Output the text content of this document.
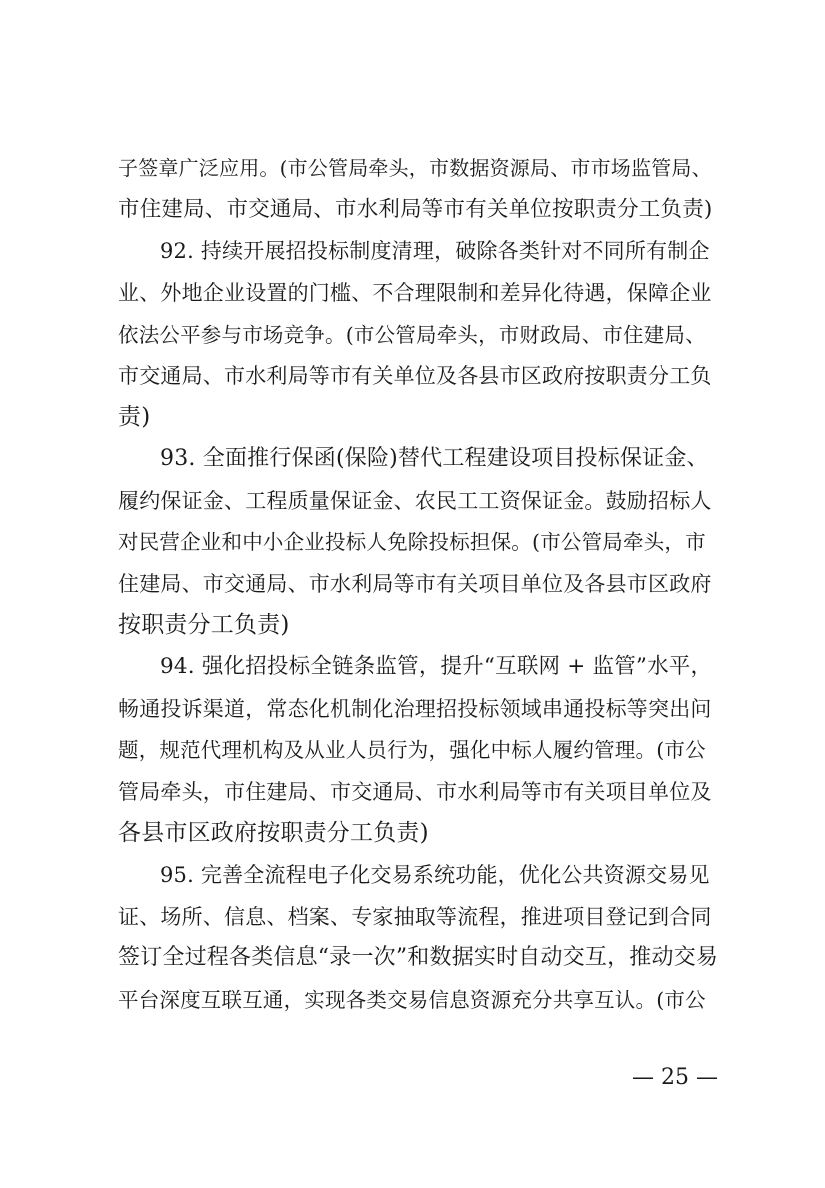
子签章广泛应用。(市公管局牵头，市数据资源局、市市场监管局、
市住建局、市交通局、市水利局等市有关单位按职责分工负责)
92. 持续开展招投标制度清理，破除各类针对不同所有制企
业、外地企业设置的门槛、不合理限制和差异化待遇，保障企业
依法公平参与市场竞争。(市公管局牵头，市财政局、市住建局、
市交通局、市水利局等市有关单位及各县市区政府按职责分工负
责)
93. 全面推行保函(保险)替代工程建设项目投标保证金、
履约保证金、工程质量保证金、农民工工资保证金。鼓励招标人
对民营企业和中小企业投标人免除投标担保。(市公管局牵头，市
住建局、市交通局、市水利局等市有关项目单位及各县市区政府
按职责分工负责)
94. 强化招投标全链条监管，提升“互联网 + 监管”水平，
畅通投诉渠道，常态化机制化治理招投标领域串通投标等突出问
题，规范代理机构及从业人员行为，强化中标人履约管理。(市公
管局牵头，市住建局、市交通局、市水利局等市有关项目单位及
各县市区政府按职责分工负责)
95. 完善全流程电子化交易系统功能，优化公共资源交易见
证、场所、信息、档案、专家抽取等流程，推进项目登记到合同
签订全过程各类信息“录一次”和数据实时自动交互，推动交易
平台深度互联互通，实现各类交易信息资源充分共享互认。(市公
— 25 —
